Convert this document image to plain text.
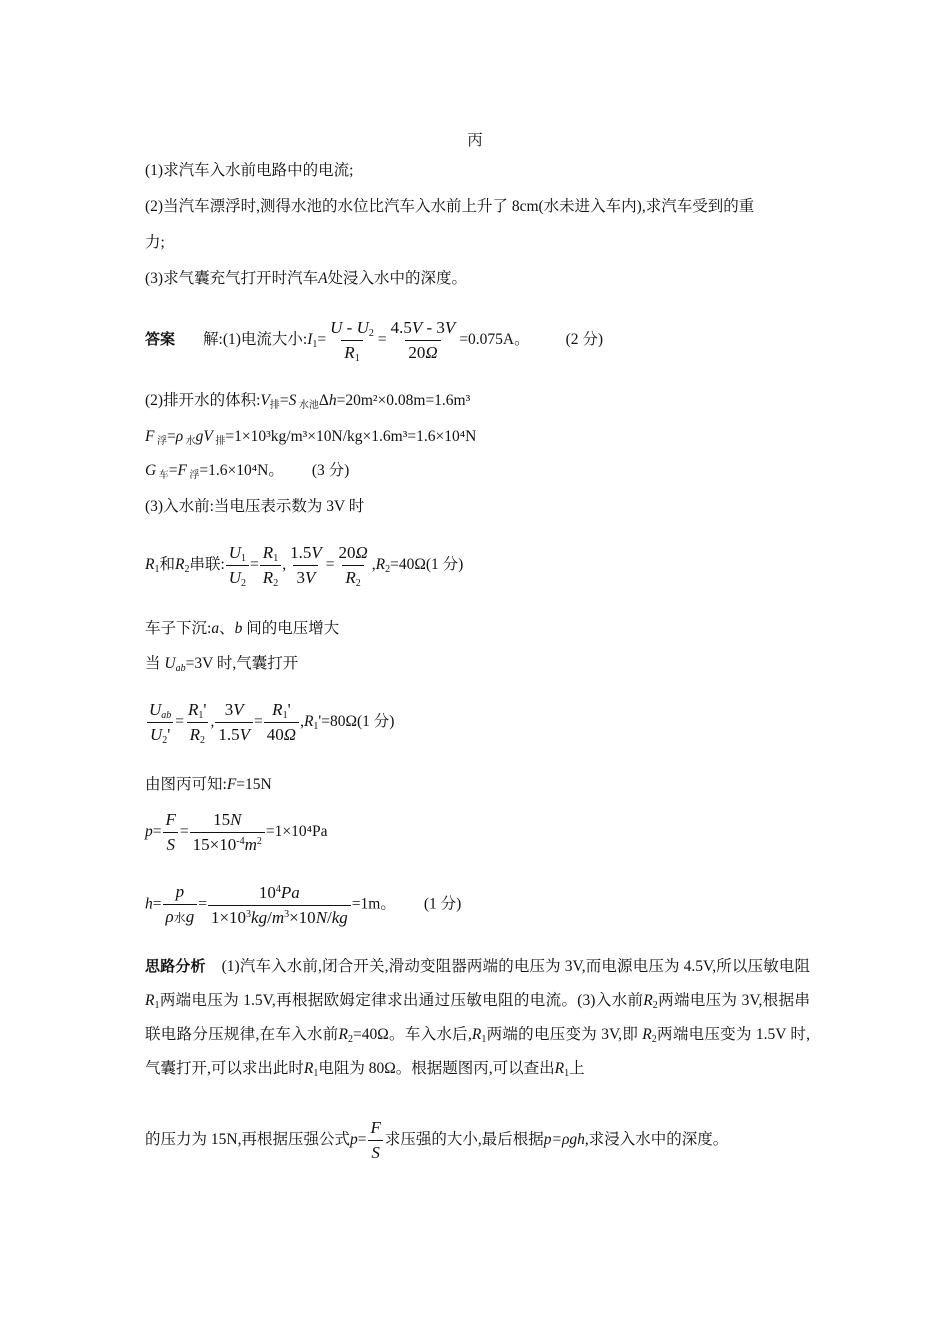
丙
(1)求汽车入水前电路中的电流;
(2)当汽车漂浮时,测得水池的水位比汽车入水前上升了 8cm(水未进入车内),求汽车受到的重
力;
(3)求气囊充气打开时汽车A处浸入水中的深度。
答案 解:(1)电流大小$:I_1= \frac{U - U_2}{R_1} = \frac{4.5V - 3V}{20\Omega} =0.075A$。 (2 分)
(2)排开水的体积:V排=S 水池Δh=20m²×0.08m=1.6m³
F 浮=ρ 水gV 排=1×10³kg/m³×10N/kg×1.6m³=1.6×10⁴N
G 车=F 浮=1.6×10⁴N。 (3 分)
(3)入水前:当电压表示数为 3V 时
$R_1$和$R_2$串联: $\frac{U_1}{U_2} = \frac{R_1}{R_2}$ , $\frac{1.5V}{3V} = \frac{20\Omega}{R_2} ,R_2=40\Omega(1$ 分)
车子下沉:a、b 间的电压增大
当 $U_{ab}=3V$ 时,气囊打开
$\frac{U_{ab}}{U_2'} = \frac{R_1'}{R_2}$ , $\frac{3V}{1.5V} = \frac{R_1'}{40\Omega} ,R_1'=80\Omega(1$ 分)
由图丙可知:F=15N
$p= \frac{F}{S} = \frac{15N}{15\times 10^{-4}m^2} =1\times 10^4Pa$
$h= \frac{p}{\text{ρ水g}} = \frac{10^4Pa}{1\times 10^3kg/m^3\times 10N/kg} =1m$。 (1 分)
思路分析 (1)汽车入水前,闭合开关,滑动变阻器两端的电压为 3V,而电源电压为 4.5V,所以压敏电阻$R_1$两端电压为 1.5V,再根据欧姆定律求出通过压敏电阻的电流。(3)入水前$R_2$两端电压为 3V,根据串联电路分压规律,在车入水前$R_2=40\Omega$。车入水后$,R_1$两端的电压变为 3V,即 $R_2$两端电压变为 1.5V 时,气囊打开,可以求出此时$R_1$电阻为 80Ω。根据题图丙,可以查出$R_1$上
的压力为 15N,再根据压强公式$p= \frac{F}{S}$ 求压强的大小,最后根据p=ρgh,求浸入水中的深度。
